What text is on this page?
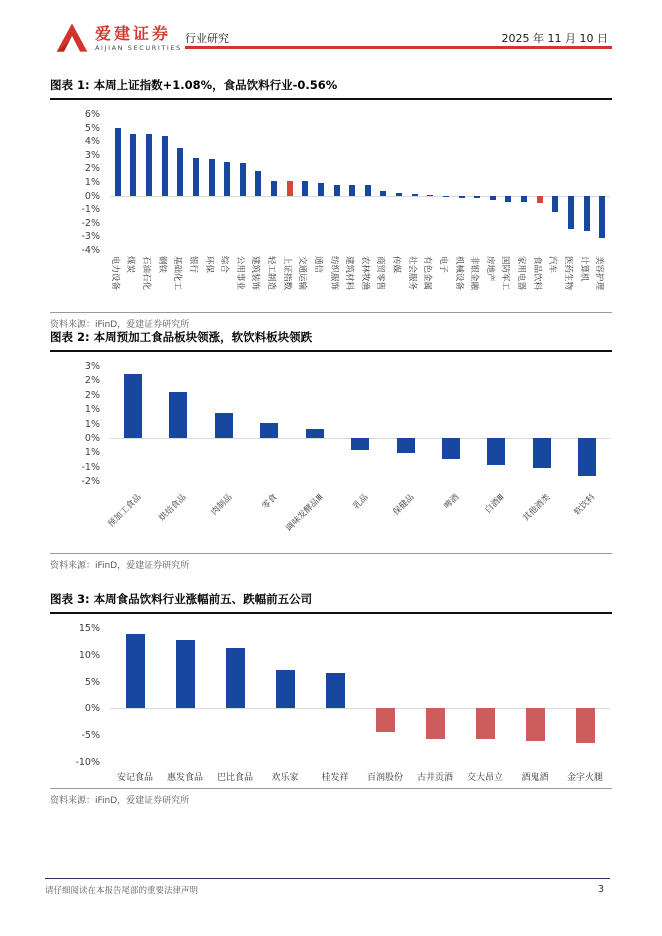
爱建证券
AIJIAN SECURITIES
行业研究	2025 年 11 月 10 日
图表 1: 本周上证指数+1.08%，食品饮料行业-0.56%
6%
5%
4%
3%
2%
1%
0%
-1%
-2%
-3%
-4%
电力设备 煤炭 石油石化 钢铁 基础化工 银行 环保 综合 公用事业 建筑装饰 轻工制造 上证指数 交通运输 通信 纺织服饰 建筑材料 农林牧渔 商贸零售 传媒 社会服务 有色金属 电子 机械设备 非银金融 房地产 国防军工 家用电器 食品饮料 汽车 医药生物 计算机 美容护理
资料来源：iFinD，爱建证券研究所
图表 2: 本周预加工食品板块领涨，软饮料板块领跌
3%
2%
2%
1%
1%
0%
1%
-1%
-2%
预加工食品	烘焙食品	肉制品	零食 调味发酵品Ⅲ	乳品	保健品	啤酒	白酒Ⅲ	其他酒类	软饮料
资料来源：iFinD，爱建证券研究所
图表 3: 本周食品饮料行业涨幅前五、跌幅前五公司
15%
10%
5%
0%
-5%
-10%
安记食品	惠发食品	巴比食品	欢乐家	桂发祥	百润股份	古井贡酒	交大昂立	酒鬼酒	金字火腿
资料来源：iFinD，爱建证券研究所
请仔细阅读在本报告尾部的重要法律声明	3
